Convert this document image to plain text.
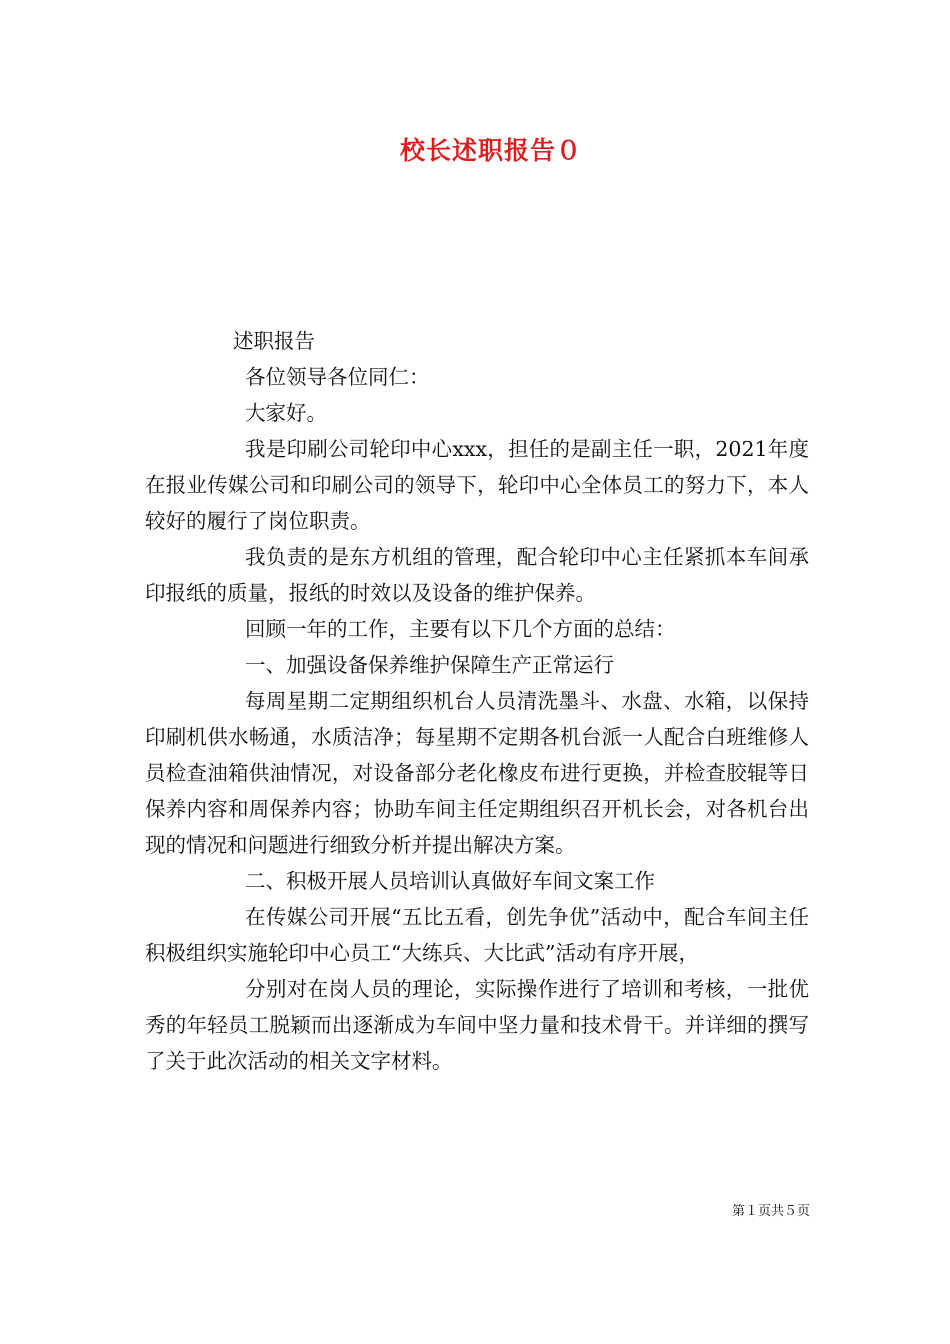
校长述职报告０

述职报告

各位领导各位同仁：

大家好。

我是印刷公司轮印中心xxx，担任的是副主任一职，2021年度在报业传媒公司和印刷公司的领导下，轮印中心全体员工的努力下，本人较好的履行了岗位职责。

我负责的是东方机组的管理，配合轮印中心主任紧抓本车间承印报纸的质量，报纸的时效以及设备的维护保养。

回顾一年的工作，主要有以下几个方面的总结：

一、加强设备保养维护保障生产正常运行

每周星期二定期组织机台人员清洗墨斗、水盘、水箱，以保持印刷机供水畅通，水质洁净；每星期不定期各机台派一人配合白班维修人员检查油箱供油情况，对设备部分老化橡皮布进行更换，并检查胶辊等日保养内容和周保养内容；协助车间主任定期组织召开机长会，对各机台出现的情况和问题进行细致分析并提出解决方案。

二、积极开展人员培训认真做好车间文案工作

在传媒公司开展“五比五看，创先争优”活动中，配合车间主任积极组织实施轮印中心员工“大练兵、大比武”活动有序开展，

分别对在岗人员的理论，实际操作进行了培训和考核，一批优秀的年轻员工脱颖而出逐渐成为车间中坚力量和技术骨干。并详细的撰写了关于此次活动的相关文字材料。

第１页共５页
